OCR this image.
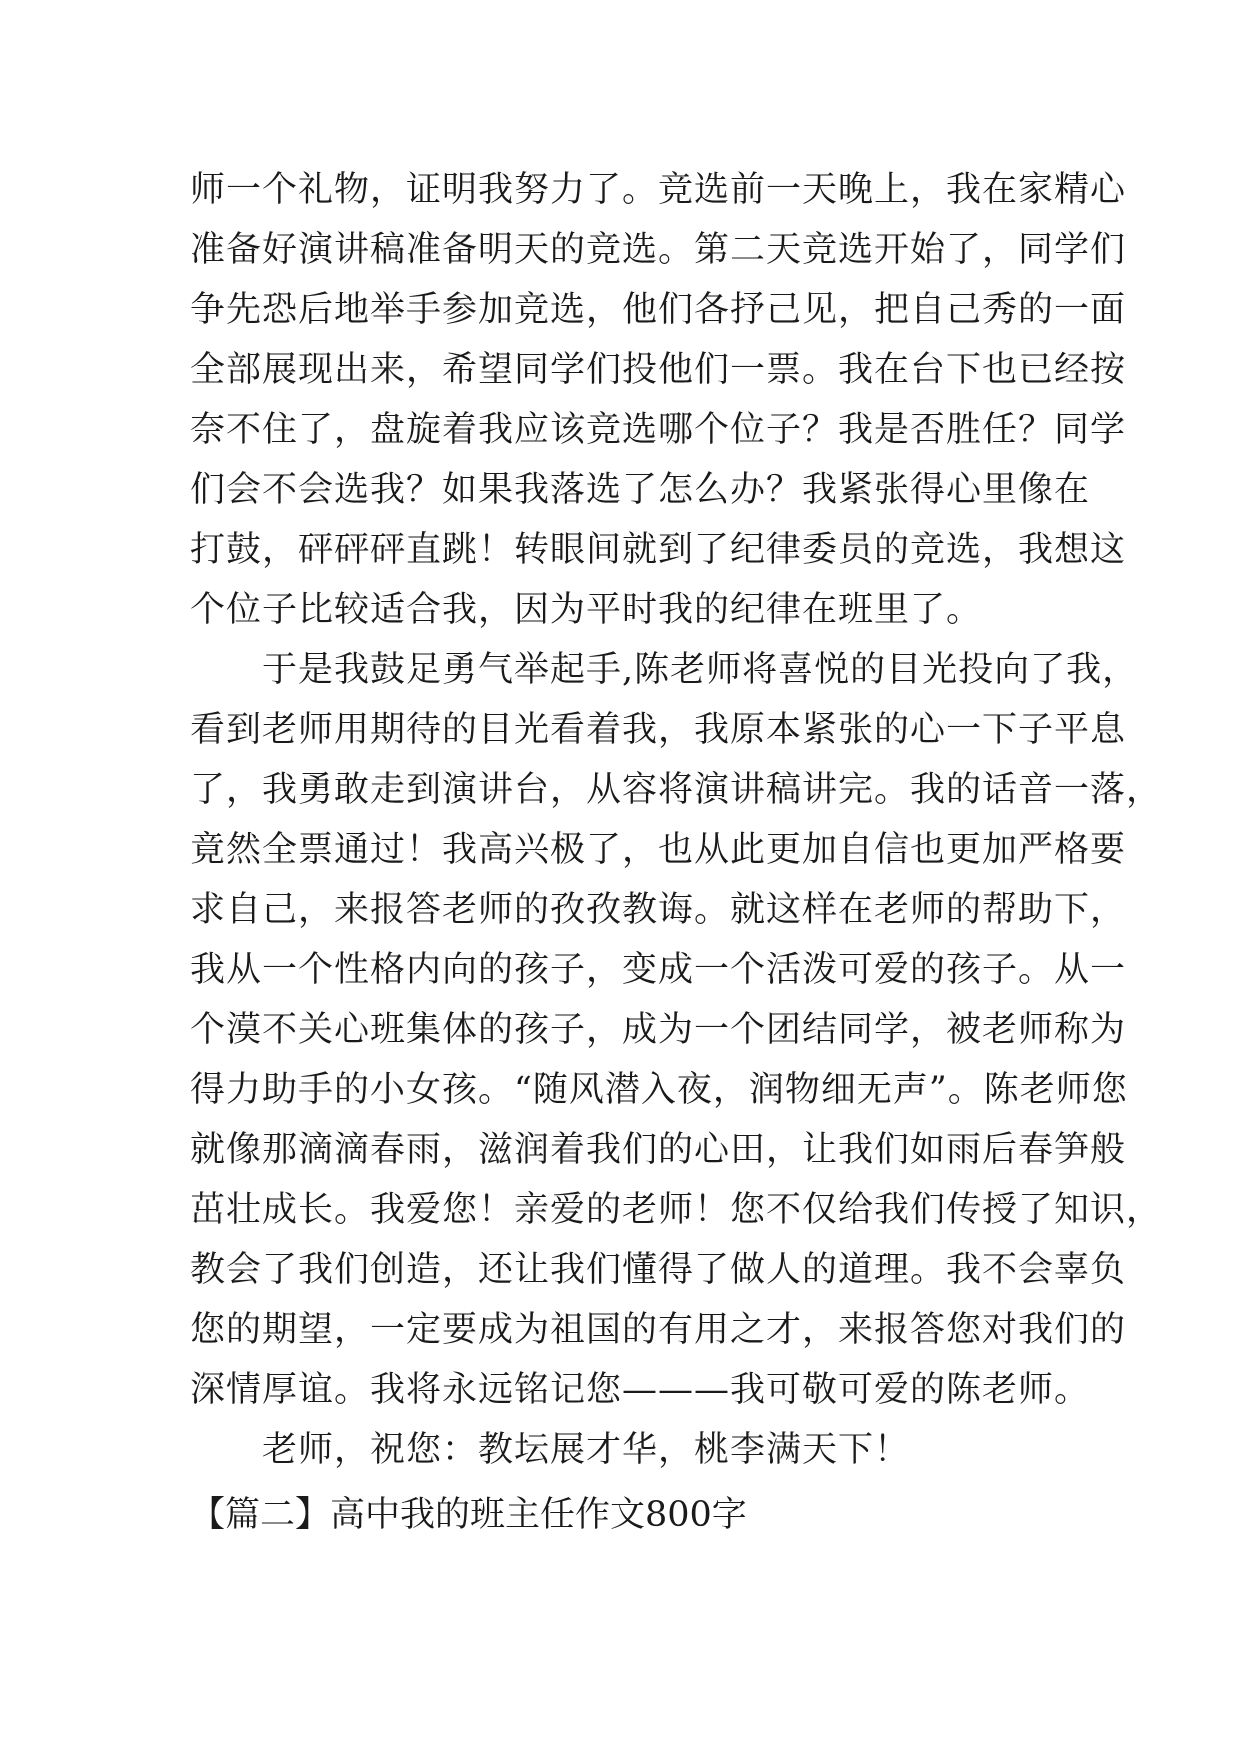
师一个礼物，证明我努力了。竞选前一天晚上，我在家精心
准备好演讲稿准备明天的竞选。第二天竞选开始了，同学们
争先恐后地举手参加竞选，他们各抒己见，把自己秀的一面
全部展现出来，希望同学们投他们一票。我在台下也已经按
奈不住了，盘旋着我应该竞选哪个位子？我是否胜任？同学
们会不会选我？如果我落选了怎么办？我紧张得心里像在
打鼓，砰砰砰直跳！转眼间就到了纪律委员的竞选，我想这
个位子比较适合我，因为平时我的纪律在班里了。
　　于是我鼓足勇气举起手,陈老师将喜悦的目光投向了我，
看到老师用期待的目光看着我，我原本紧张的心一下子平息
了，我勇敢走到演讲台，从容将演讲稿讲完。我的话音一落，
竟然全票通过！我高兴极了，也从此更加自信也更加严格要
求自己，来报答老师的孜孜教诲。就这样在老师的帮助下，
我从一个性格内向的孩子，变成一个活泼可爱的孩子。从一
个漠不关心班集体的孩子，成为一个团结同学，被老师称为
得力助手的小女孩。“随风潜入夜，润物细无声”。陈老师您
就像那滴滴春雨，滋润着我们的心田，让我们如雨后春笋般
茁壮成长。我爱您！亲爱的老师！您不仅给我们传授了知识，
教会了我们创造，还让我们懂得了做人的道理。我不会辜负
您的期望，一定要成为祖国的有用之才，来报答您对我们的
深情厚谊。我将永远铭记您———我可敬可爱的陈老师。
　　老师，祝您：教坛展才华，桃李满天下！
【篇二】高中我的班主任作文800字
